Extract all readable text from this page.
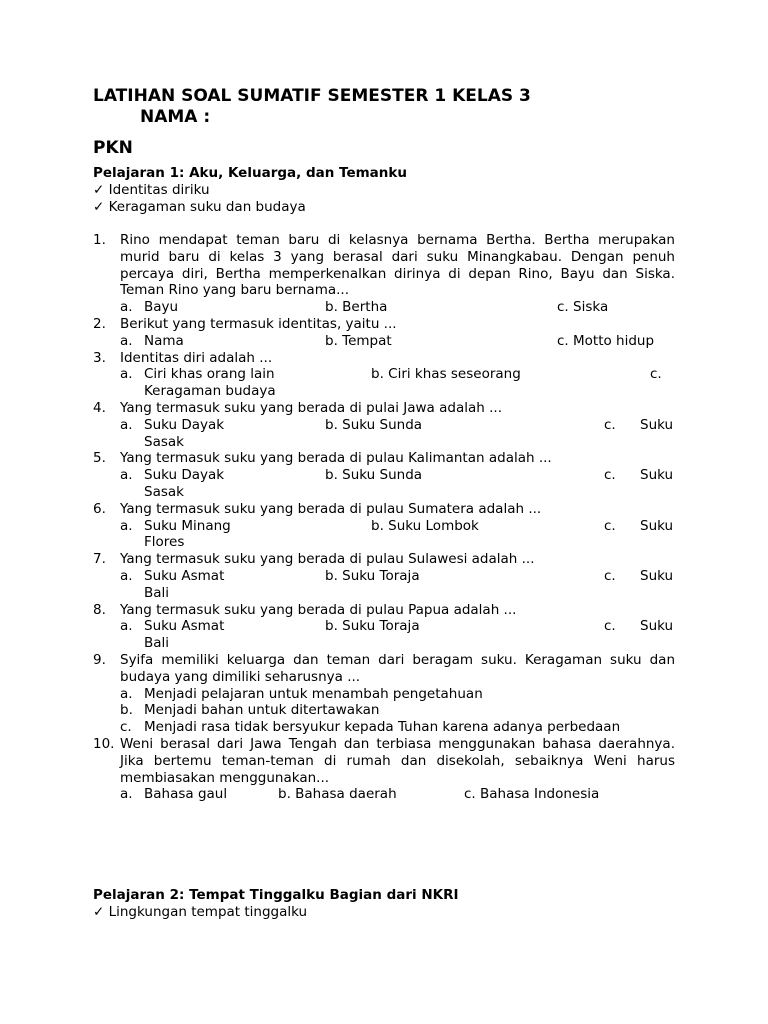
LATIHAN SOAL SUMATIF SEMESTER 1 KELAS 3

NAMA :

PKN

Pelajaran 1: Aku, Keluarga, dan Temanku

✓ Identitas diriku

✓ Keragaman suku dan budaya

1.	Rino mendapat teman baru di kelasnya bernama Bertha. Bertha merupakan murid baru di kelas 3 yang berasal dari suku Minangkabau. Dengan penuh percaya diri, Bertha memperkenalkan dirinya di depan Rino, Bayu dan Siska. Teman Rino yang baru bernama...
a. Bayu	b. Bertha	c. Siska
2.	Berikut yang termasuk identitas, yaitu ...
a. Nama	b. Tempat	c. Motto hidup
3.	Identitas diri adalah ...
a. Ciri khas orang lain	b. Ciri khas seseorang	c.
Keragaman budaya
4.	Yang termasuk suku yang berada di pulai Jawa adalah ...
a. Suku Dayak	b. Suku Sunda	c. Suku
Sasak
5.	Yang termasuk suku yang berada di pulau Kalimantan adalah ...
a. Suku Dayak	b. Suku Sunda	c. Suku
Sasak
6.	Yang termasuk suku yang berada di pulau Sumatera adalah ...
a. Suku Minang	b. Suku Lombok	c. Suku
Flores
7.	Yang termasuk suku yang berada di pulau Sulawesi adalah ...
a. Suku Asmat	b. Suku Toraja	c. Suku
Bali
8.	Yang termasuk suku yang berada di pulau Papua adalah ...
a. Suku Asmat	b. Suku Toraja	c. Suku
Bali
9.	Syifa memiliki keluarga dan teman dari beragam suku. Keragaman suku dan budaya yang dimiliki seharusnya ...
a. Menjadi pelajaran untuk menambah pengetahuan
b. Menjadi bahan untuk ditertawakan
c. Menjadi rasa tidak bersyukur kepada Tuhan karena adanya perbedaan
10. Weni berasal dari Jawa Tengah dan terbiasa menggunakan bahasa daerahnya. Jika bertemu teman-teman di rumah dan disekolah, sebaiknya Weni harus membiasakan menggunakan...
a. Bahasa gaul	b. Bahasa daerah	c. Bahasa Indonesia

Pelajaran 2: Tempat Tinggalku Bagian dari NKRI

✓ Lingkungan tempat tinggalku
